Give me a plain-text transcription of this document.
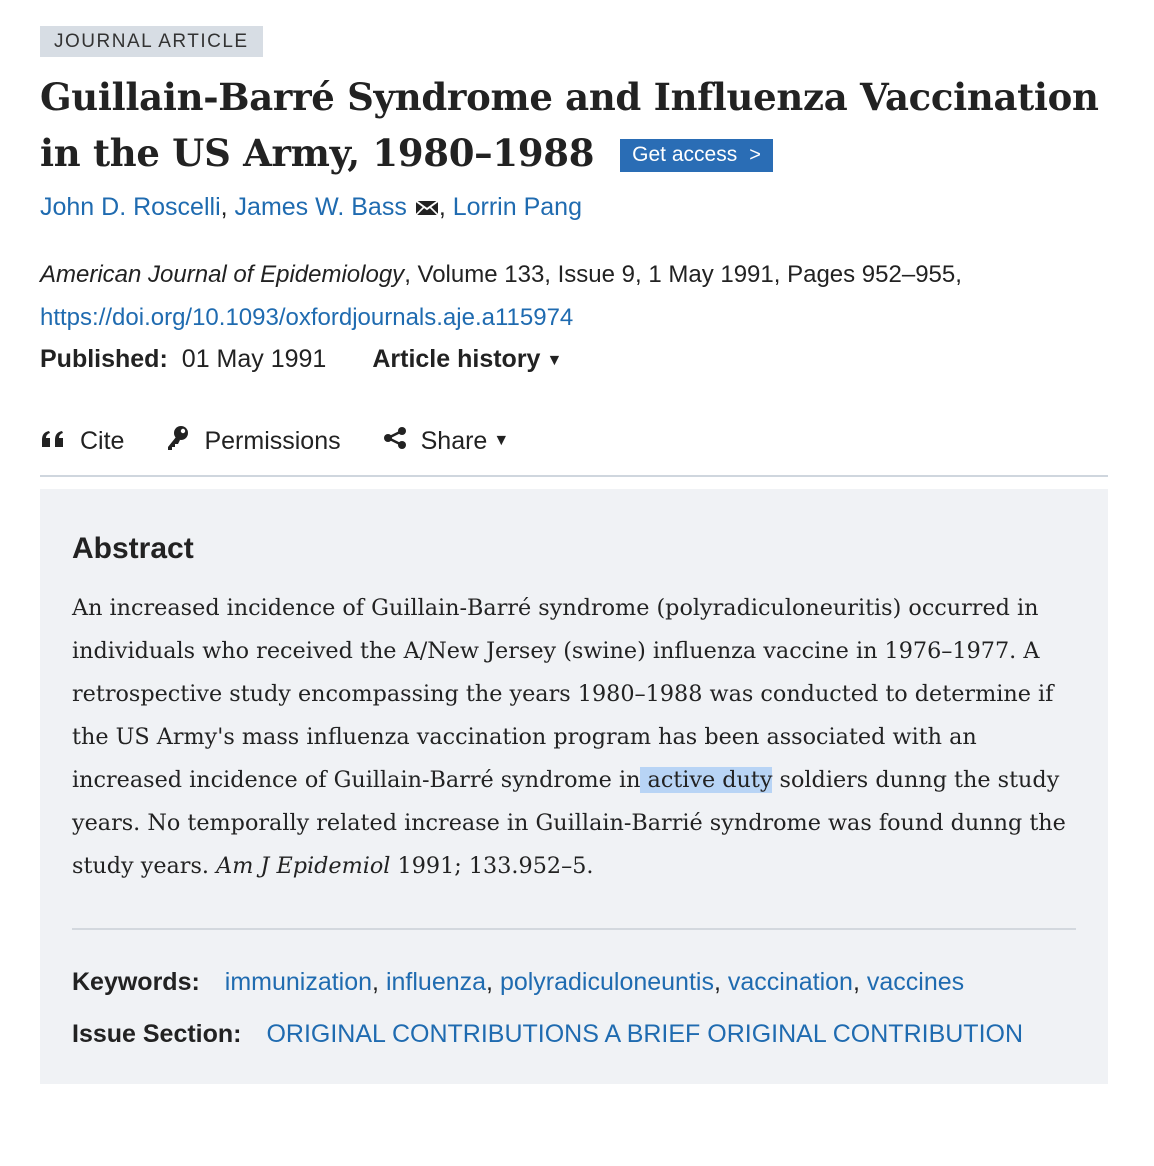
JOURNAL ARTICLE
Guillain-Barré Syndrome and Influenza Vaccination in the US Army, 1980–1988 Get access >
John D. Roscelli, James W. Bass , Lorrin Pang
American Journal of Epidemiology, Volume 133, Issue 9, 1 May 1991, Pages 952–955,
https://doi.org/10.1093/oxfordjournals.aje.a115974
Published: 01 May 1991 Article history ▼
Cite	Permissions	Share ▼
Abstract

An increased incidence of Guillain-Barré syndrome (polyradiculoneuritis) occurred in individuals who received the A/New Jersey (swine) influenza vaccine in 1976–1977. A retrospective study encompassing the years 1980–1988 was conducted to determine if the US Army's mass influenza vaccination program has been associated with an increased incidence of Guillain-Barré syndrome in active duty soldiers dunng the study years. No temporally related increase in Guillain-Barrié syndrome was found dunng the study years. Am J Epidemiol 1991; 133.952–5.

Keywords: immunization, influenza, polyradiculoneuntis, vaccination, vaccines
Issue Section: ORIGINAL CONTRIBUTIONS A BRIEF ORIGINAL CONTRIBUTION
